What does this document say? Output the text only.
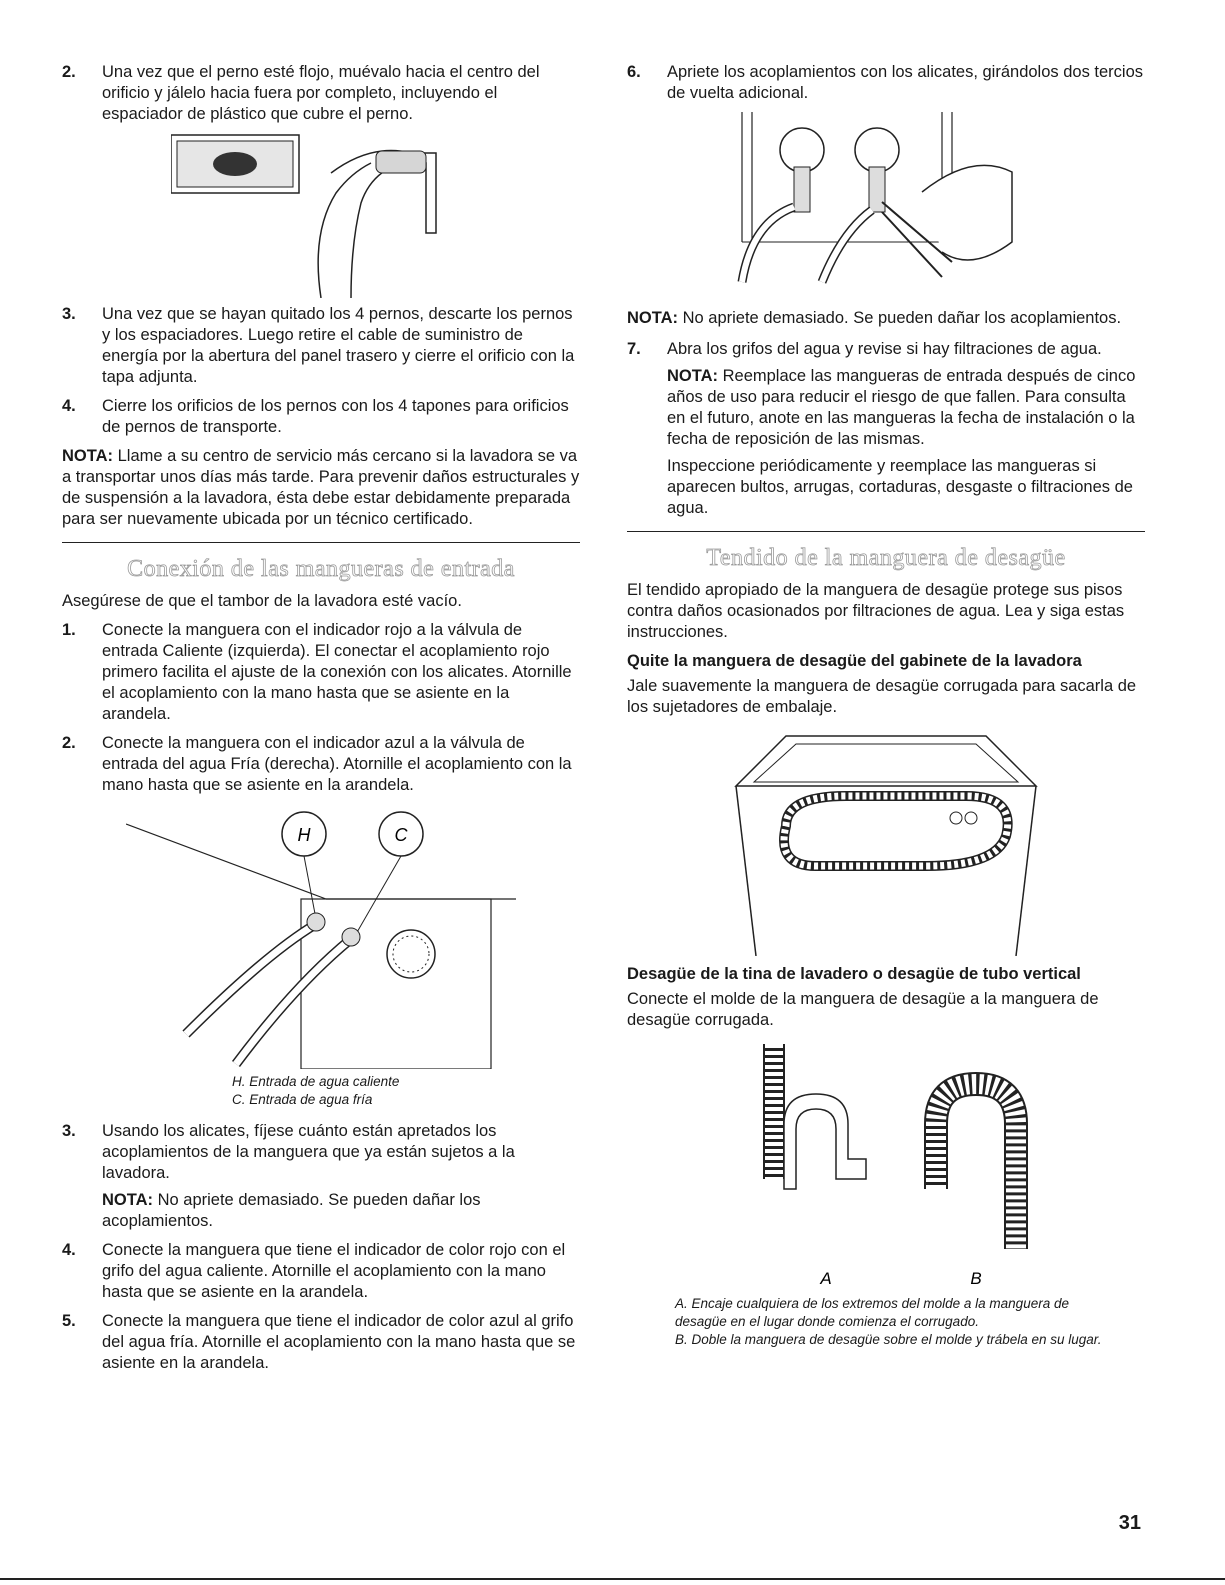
2. Una vez que el perno esté flojo, muévalo hacia el centro del orificio y jálelo hacia fuera por completo, incluyendo el espaciador de plástico que cubre el perno.

3. Una vez que se hayan quitado los 4 pernos, descarte los pernos y los espaciadores. Luego retire el cable de suministro de energía por la abertura del panel trasero y cierre el orificio con la tapa adjunta.

4. Cierre los orificios de los pernos con los 4 tapones para orificios de pernos de transporte.

NOTA: Llame a su centro de servicio más cercano si la lavadora se va a transportar unos días más tarde. Para prevenir daños estructurales y de suspensión a la lavadora, ésta debe estar debidamente preparada para ser nuevamente ubicada por un técnico certificado.

Conexión de las mangueras de entrada

Asegúrese de que el tambor de la lavadora esté vacío.

1. Conecte la manguera con el indicador rojo a la válvula de entrada Caliente (izquierda). El conectar el acoplamiento rojo primero facilita el ajuste de la conexión con los alicates. Atornille el acoplamiento con la mano hasta que se asiente en la arandela.

2. Conecte la manguera con el indicador azul a la válvula de entrada del agua Fría (derecha). Atornille el acoplamiento con la mano hasta que se asiente en la arandela.

H	C

H. Entrada de agua caliente

C. Entrada de agua fría

3. Usando los alicates, fíjese cuánto están apretados los acoplamientos de la manguera que ya están sujetos a la lavadora.

NOTA: No apriete demasiado. Se pueden dañar los acoplamientos.

4. Conecte la manguera que tiene el indicador de color rojo con el grifo del agua caliente. Atornille el acoplamiento con la mano hasta que se asiente en la arandela.

5. Conecte la manguera que tiene el indicador de color azul al grifo del agua fría. Atornille el acoplamiento con la mano hasta que se asiente en la arandela.

6. Apriete los acoplamientos con los alicates, girándolos dos tercios de vuelta adicional.

NOTA: No apriete demasiado. Se pueden dañar los acoplamientos.

7. Abra los grifos del agua y revise si hay filtraciones de agua.

NOTA: Reemplace las mangueras de entrada después de cinco años de uso para reducir el riesgo de que fallen. Para consulta en el futuro, anote en las mangueras la fecha de instalación o la fecha de reposición de las mismas.

Inspeccione periódicamente y reemplace las mangueras si aparecen bultos, arrugas, cortaduras, desgaste o filtraciones de agua.

Tendido de la manguera de desagüe

El tendido apropiado de la manguera de desagüe protege sus pisos contra daños ocasionados por filtraciones de agua. Lea y siga estas instrucciones.

Quite la manguera de desagüe del gabinete de la lavadora

Jale suavemente la manguera de desagüe corrugada para sacarla de los sujetadores de embalaje.

Desagüe de la tina de lavadero o desagüe de tubo vertical

Conecte el molde de la manguera de desagüe a la manguera de desagüe corrugada.

A	B

A. Encaje cualquiera de los extremos del molde a la manguera de desagüe en el lugar donde comienza el corrugado.

B. Doble la manguera de desagüe sobre el molde y trábela en su lugar.

31
